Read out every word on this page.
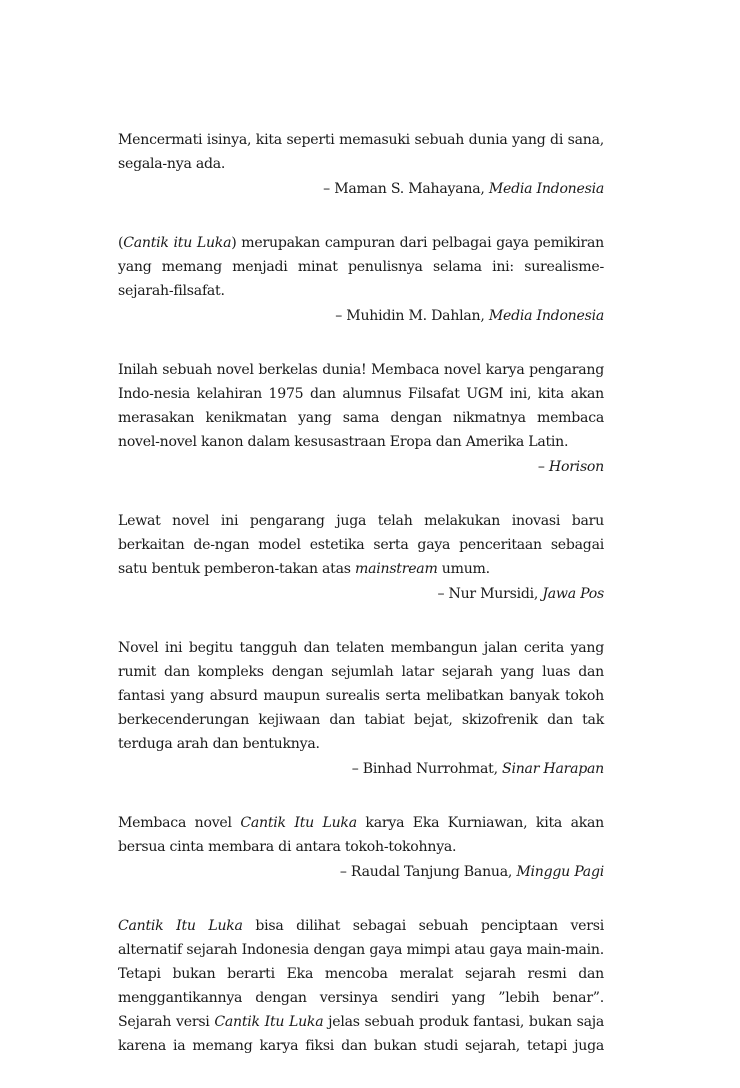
Mencermati isinya, kita seperti memasuki sebuah dunia yang di sana, segala-nya ada.
– Maman S. Mahayana, Media Indonesia
(Cantik itu Luka) merupakan campuran dari pelbagai gaya pemikiran yang memang menjadi minat penulisnya selama ini: surealisme-sejarah-filsafat.
– Muhidin M. Dahlan, Media Indonesia
Inilah sebuah novel berkelas dunia! Membaca novel karya pengarang Indo-nesia kelahiran 1975 dan alumnus Filsafat UGM ini, kita akan merasakan kenikmatan yang sama dengan nikmatnya membaca novel-novel kanon dalam kesusastraan Eropa dan Amerika Latin.
– Horison
Lewat novel ini pengarang juga telah melakukan inovasi baru berkaitan de-ngan model estetika serta gaya penceritaan sebagai satu bentuk pemberon-takan atas mainstream umum.
– Nur Mursidi, Jawa Pos
Novel ini begitu tangguh dan telaten membangun jalan cerita yang rumit dan kompleks dengan sejumlah latar sejarah yang luas dan fantasi yang absurd maupun surealis serta melibatkan banyak tokoh berkecenderungan kejiwaan dan tabiat bejat, skizofrenik dan tak terduga arah dan bentuknya.
– Binhad Nurrohmat, Sinar Harapan
Membaca novel Cantik Itu Luka karya Eka Kurniawan, kita akan bersua cinta membara di antara tokoh-tokohnya.
– Raudal Tanjung Banua, Minggu Pagi
Cantik Itu Luka bisa dilihat sebagai sebuah penciptaan versi alternatif sejarah Indonesia dengan gaya mimpi atau gaya main-main. Tetapi bukan berarti Eka mencoba meralat sejarah resmi dan menggantikannya dengan versinya sendiri yang ”lebih benar”. Sejarah versi Cantik Itu Luka jelas sebuah produk fantasi, bukan saja karena ia memang karya fiksi dan bukan studi sejarah, tetapi juga
